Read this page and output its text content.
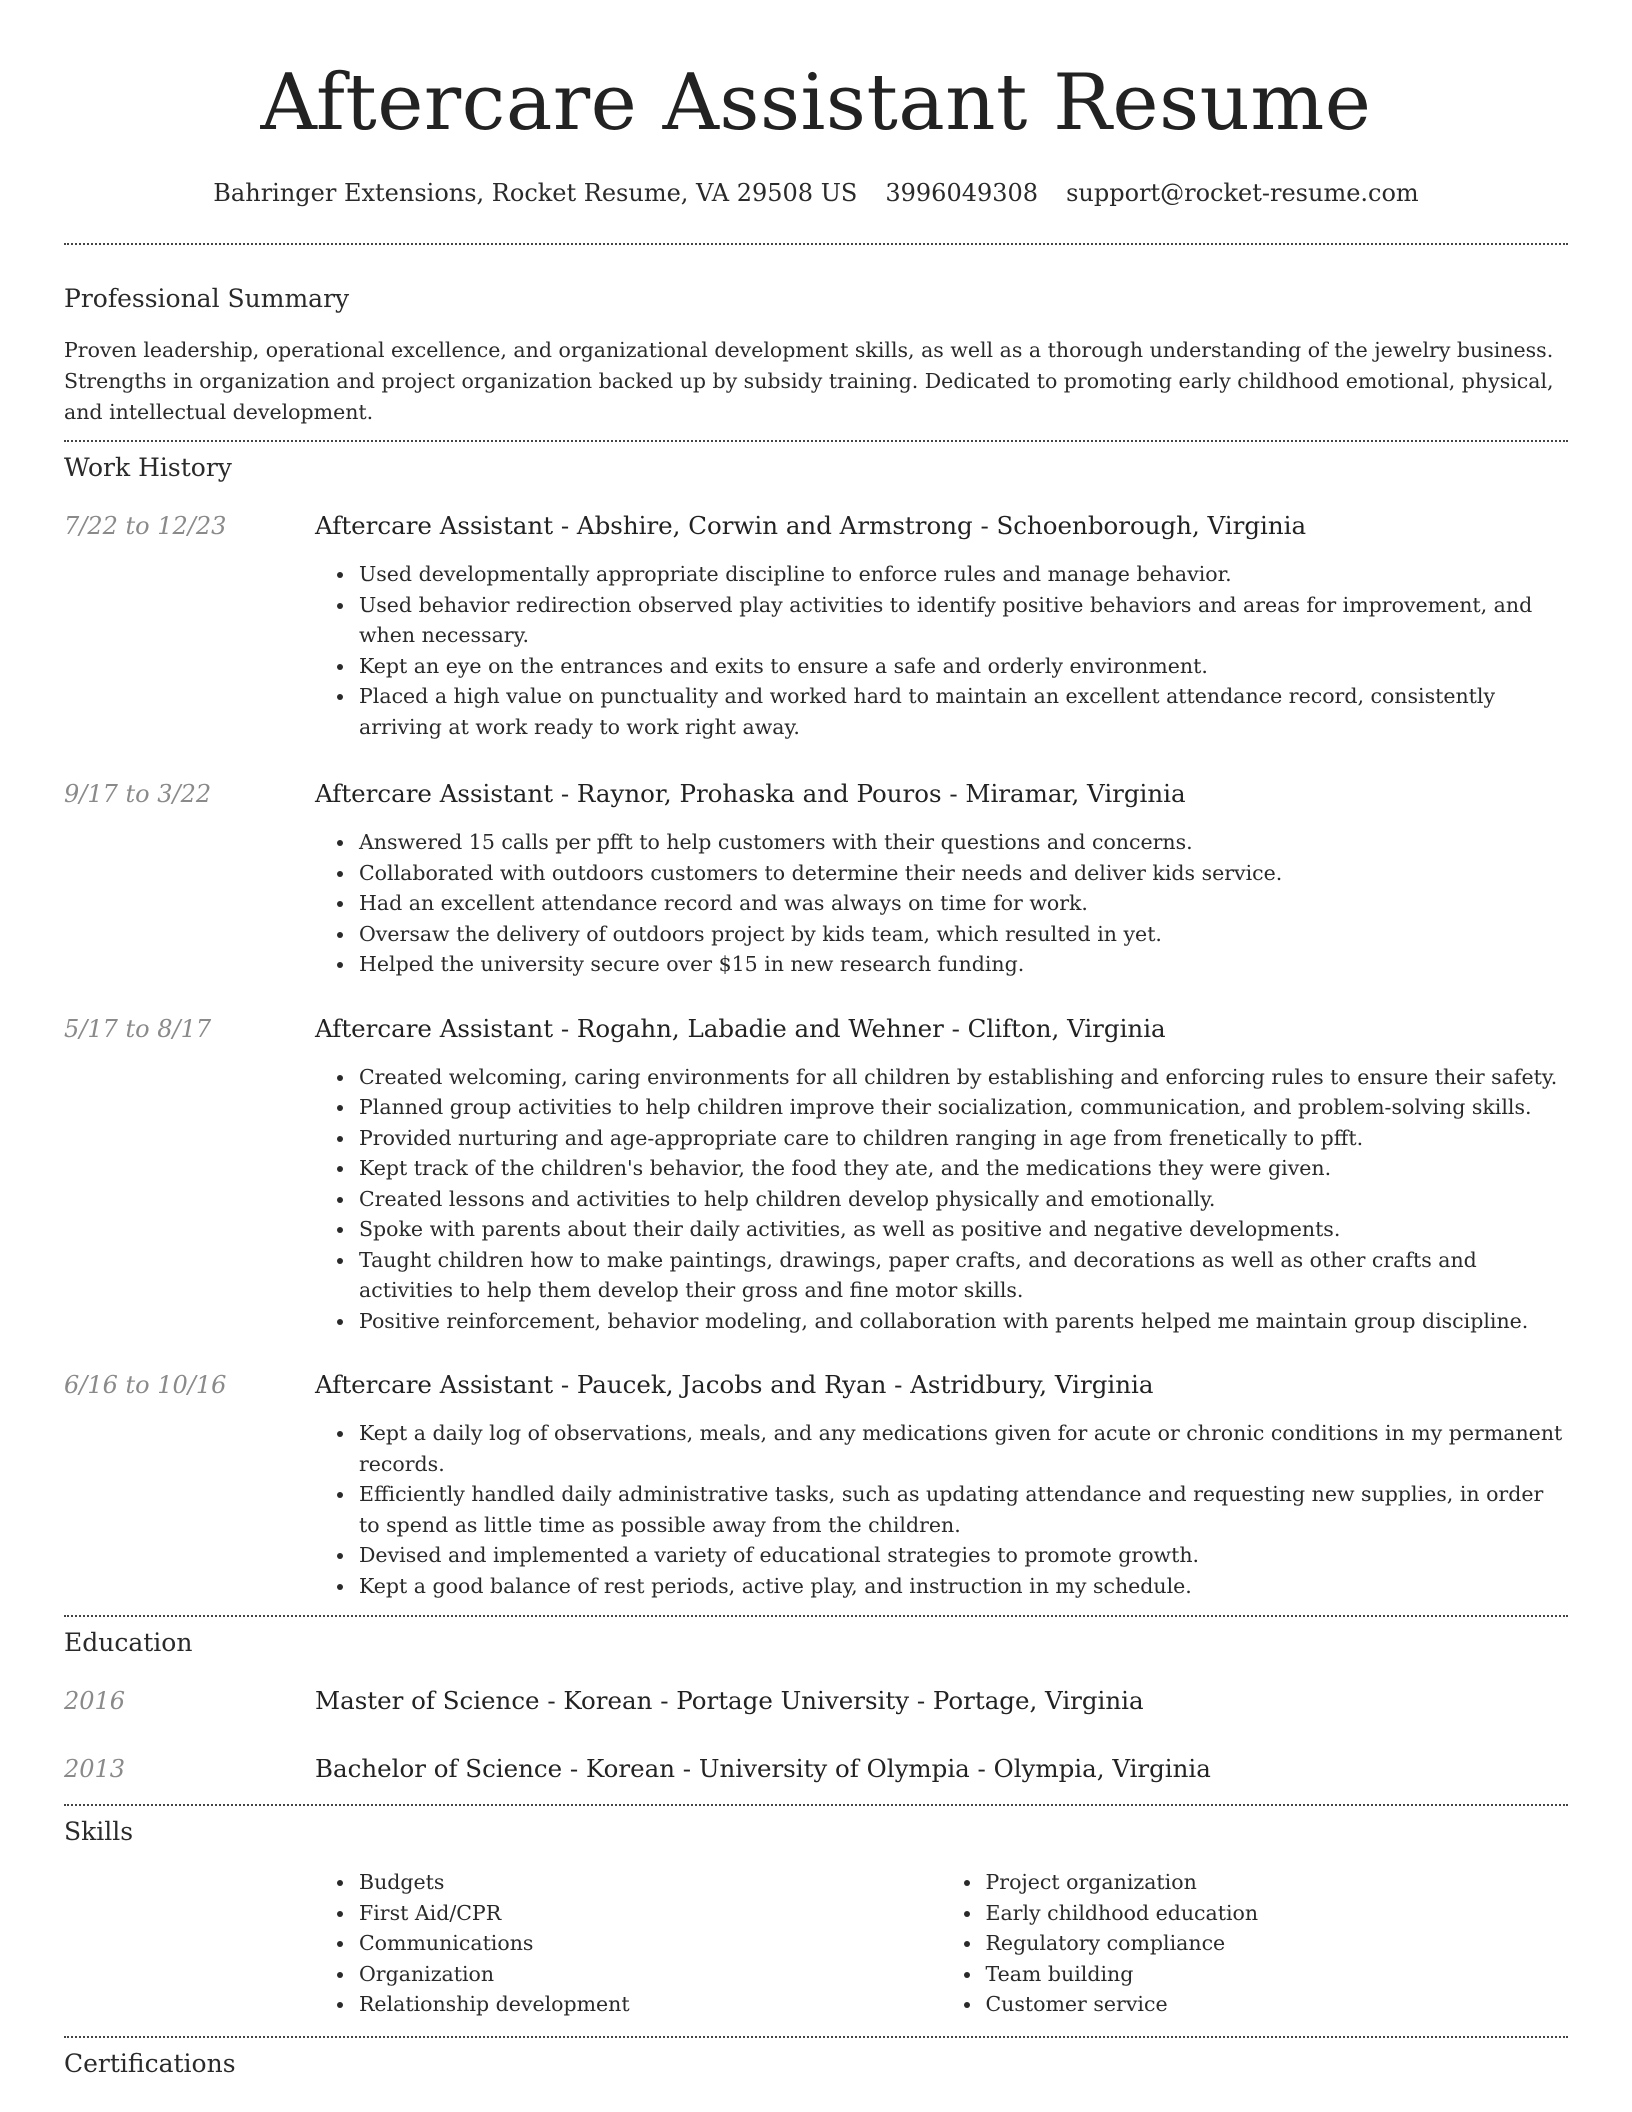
Aftercare Assistant Resume
Bahringer Extensions, Rocket Resume, VA 29508 US 3996049308 support@rocket-resume.com
Professional Summary

Proven leadership, operational excellence, and organizational development skills, as well as a thorough understanding of the jewelry business. Strengths in organization and project organization backed up by subsidy training. Dedicated to promoting early childhood emotional, physical, and intellectual development.

Work History
7/22 to 12/23	Aftercare Assistant - Abshire, Corwin and Armstrong - Schoenborough, Virginia
Used developmentally appropriate discipline to enforce rules and manage behavior.
Used behavior redirection observed play activities to identify positive behaviors and areas for improvement, and when necessary.
Kept an eye on the entrances and exits to ensure a safe and orderly environment.
Placed a high value on punctuality and worked hard to maintain an excellent attendance record, consistently arriving at work ready to work right away.
9/17 to 3/22	Aftercare Assistant - Raynor, Prohaska and Pouros - Miramar, Virginia
Answered 15 calls per pfft to help customers with their questions and concerns.
Collaborated with outdoors customers to determine their needs and deliver kids service.
Had an excellent attendance record and was always on time for work.
Oversaw the delivery of outdoors project by kids team, which resulted in yet.
Helped the university secure over $15 in new research funding.
5/17 to 8/17	Aftercare Assistant - Rogahn, Labadie and Wehner - Clifton, Virginia
Created welcoming, caring environments for all children by establishing and enforcing rules to ensure their safety.
Planned group activities to help children improve their socialization, communication, and problem-solving skills.
Provided nurturing and age-appropriate care to children ranging in age from frenetically to pfft.
Kept track of the children's behavior, the food they ate, and the medications they were given.
Created lessons and activities to help children develop physically and emotionally.
Spoke with parents about their daily activities, as well as positive and negative developments.
Taught children how to make paintings, drawings, paper crafts, and decorations as well as other crafts and activities to help them develop their gross and fine motor skills.
Positive reinforcement, behavior modeling, and collaboration with parents helped me maintain group discipline.
6/16 to 10/16	Aftercare Assistant - Paucek, Jacobs and Ryan - Astridbury, Virginia
Kept a daily log of observations, meals, and any medications given for acute or chronic conditions in my permanent records.
Efficiently handled daily administrative tasks, such as updating attendance and requesting new supplies, in order to spend as little time as possible away from the children.
Devised and implemented a variety of educational strategies to promote growth.
Kept a good balance of rest periods, active play, and instruction in my schedule.
Education
2016	Master of Science - Korean - Portage University - Portage, Virginia
2013	Bachelor of Science - Korean - University of Olympia - Olympia, Virginia
Skills
Budgets
First Aid/CPR
Communications
Organization
Relationship development
Project organization
Early childhood education
Regulatory compliance
Team building
Customer service
Certifications
